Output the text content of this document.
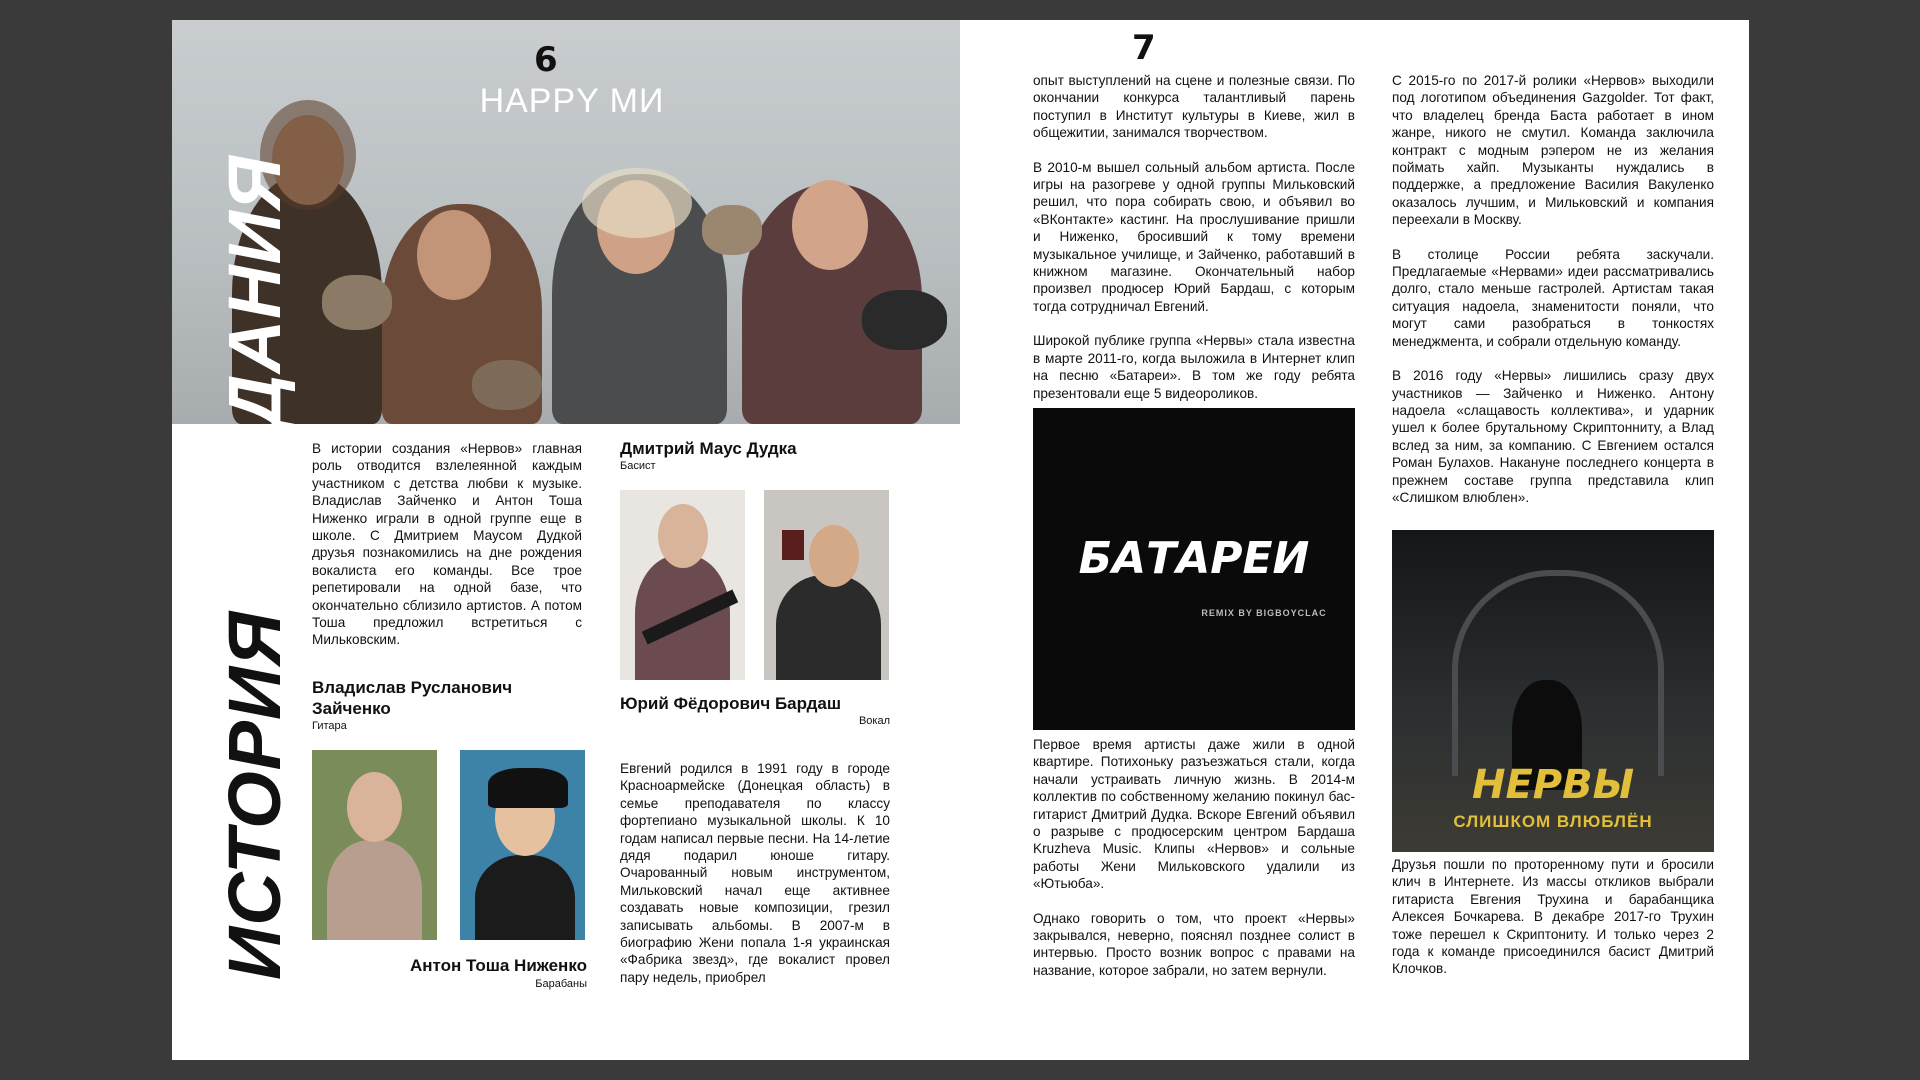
HAPPY МИ
6
ИСТОРИЯ СОЗДАНИЯ В истории создания «Нервов» главная роль отводится взлелеянной каждым участником с детства любви к музыке. Владислав Зайченко и Антон Тоша Ниженко играли в одной группе еще в школе. С Дмитрием Маусом Дудкой друзья познакомились на дне рождения вокалиста его команды. Все трое репетировали на одной базе, что окончательно сблизило артистов. А потом Тоша предложил встретиться с Мильковским.

Владислав Русланович Зайченко
Гитара
Антон Тоша Ниженко
Барабаны
Дмитрий Маус Дудка
Басист
Юрий Фёдорович Бардаш
Вокал

Евгений родился в 1991 году в городе Красноармейске (Донецкая область) в семье преподавателя по классу фортепиано музыкальной школы. К 10 годам написал первые песни. На 14-летие дядя подарил юноше гитару. Очарованный новым инструментом, Мильковский начал еще активнее создавать новые композиции, грезил записывать альбомы. В 2007-м в биографию Жени попала 1-я украинская «Фабрика звезд», где вокалист провел пару недель, приобрел

7

опыт выступлений на сцене и полезные связи. По окончании конкурса талантливый парень поступил в Институт культуры в Киеве, жил в общежитии, занимался творчеством.

В 2010-м вышел сольный альбом артиста. После игры на разогреве у одной группы Мильковский решил, что пора собирать свою, и объявил во «ВКонтакте» кастинг. На прослушивание пришли и Ниженко, бросивший к тому времени музыкальное училище, и Зайченко, работавший в книжном магазине. Окончательный набор произвел продюсер Юрий Бардаш, с которым тогда сотрудничал Евгений.

Широкой публике группа «Нервы» стала известна в марте 2011-го, когда выложила в Интернет клип на песню «Батареи». В том же году ребята презентовали еще 5 видеороликов.

БАТАРЕИ
REMIX BY BIGBOYCLAC

Первое время артисты даже жили в одной квартире. Потихоньку разъезжаться стали, когда начали устраивать личную жизнь. В 2014-м коллектив по собственному желанию покинул бас-гитарист Дмитрий Дудка. Вскоре Евгений объявил о разрыве с продюсерским центром Бардаша Kruzheva Music. Клипы «Нервов» и сольные работы Жени Мильковского удалили из «Ютьюба».

Однако говорить о том, что проект «Нервы» закрывался, неверно, пояснял позднее солист в интервью. Просто возник вопрос с правами на название, которое забрали, но затем вернули.

С 2015-го по 2017-й ролики «Нервов» выходили под логотипом объединения Gazgolder. Тот факт, что владелец бренда Баста работает в ином жанре, никого не смутил. Команда заключила контракт с модным рэпером не из желания поймать хайп. Музыканты нуждались в поддержке, а предложение Василия Вакуленко оказалось лучшим, и Мильковский и компания переехали в Москву.

В столице России ребята заскучали. Предлагаемые «Нервами» идеи рассматривались долго, стало меньше гастролей. Артистам такая ситуация надоела, знаменитости поняли, что могут сами разобраться в тонкостях менеджмента, и собрали отдельную команду.

В 2016 году «Нервы» лишились сразу двух участников — Зайченко и Ниженко. Антону надоела «слащавость коллектива», и ударник ушел к более брутальному Скриптонниту, а Влад вслед за ним, за компанию. С Евгением остался Роман Булахов. Накануне последнего концерта в прежнем составе группа представила клип «Слишком влюблен».

НЕРВЫ
СЛИШКОМ ВЛЮБЛЁН

Друзья пошли по проторенному пути и бросили клич в Интернете. Из массы откликов выбрали гитариста Евгения Трухина и барабанщика Алексея Бочкарева. В декабре 2017-го Трухин тоже перешел к Скриптониту. И только через 2 года к команде присоединился басист Дмитрий Клочков.
